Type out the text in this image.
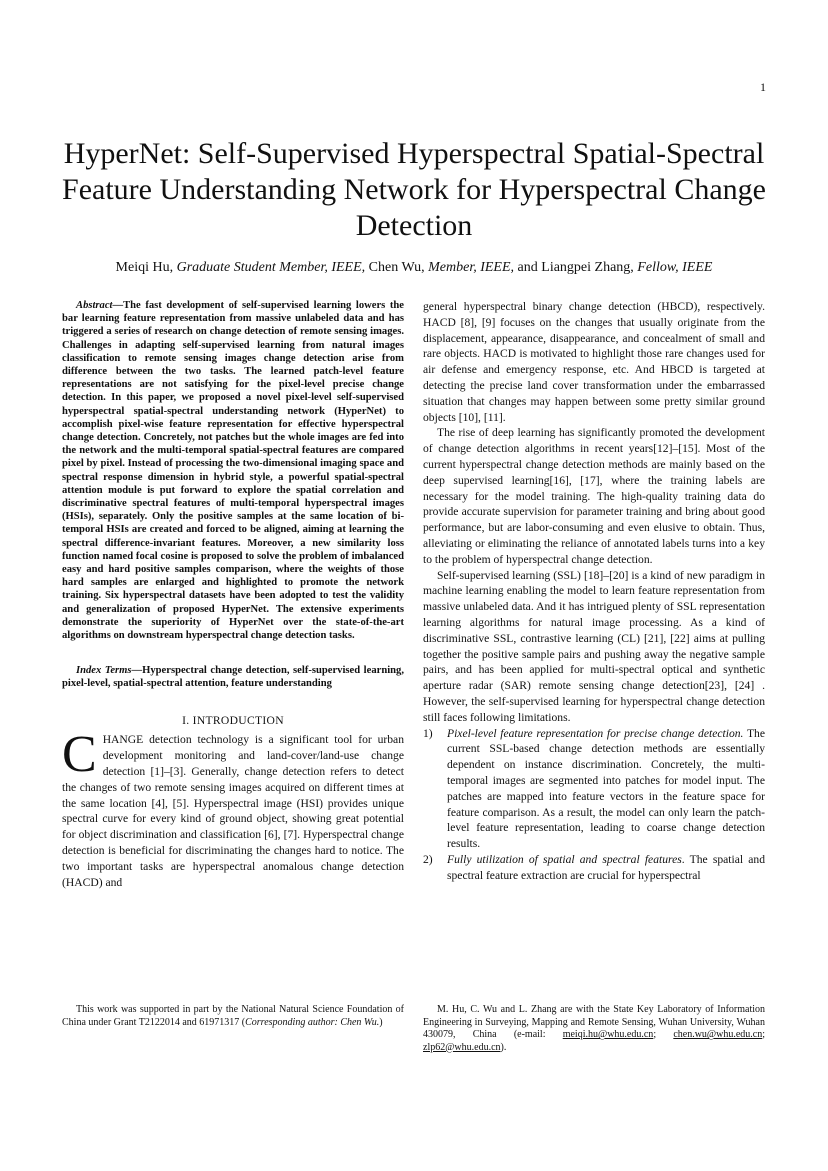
1
HyperNet: Self-Supervised Hyperspectral Spatial-Spectral Feature Understanding Network for Hyperspectral Change Detection
Meiqi Hu, Graduate Student Member, IEEE, Chen Wu, Member, IEEE, and Liangpei Zhang, Fellow, IEEE

Abstract—The fast development of self-supervised learning lowers the bar learning feature representation from massive unlabeled data and has triggered a series of research on change detection of remote sensing images. Challenges in adapting self-supervised learning from natural images classification to remote sensing images change detection arise from difference between the two tasks. The learned patch-level feature representations are not satisfying for the pixel-level precise change detection. In this paper, we proposed a novel pixel-level self-supervised hyperspectral spatial-spectral understanding network (HyperNet) to accomplish pixel-wise feature representation for effective hyperspectral change detection. Concretely, not patches but the whole images are fed into the network and the multi-temporal spatial-spectral features are compared pixel by pixel. Instead of processing the two-dimensional imaging space and spectral response dimension in hybrid style, a powerful spatial-spectral attention module is put forward to explore the spatial correlation and discriminative spectral features of multi-temporal hyperspectral images (HSIs), separately. Only the positive samples at the same location of bi-temporal HSIs are created and forced to be aligned, aiming at learning the spectral difference-invariant features. Moreover, a new similarity loss function named focal cosine is proposed to solve the problem of imbalanced easy and hard positive samples comparison, where the weights of those hard samples are enlarged and highlighted to promote the network training. Six hyperspectral datasets have been adopted to test the validity and generalization of proposed HyperNet. The extensive experiments demonstrate the superiority of HyperNet over the state-of-the-art algorithms on downstream hyperspectral change detection tasks.

Index Terms—Hyperspectral change detection, self-supervised learning, pixel-level, spatial-spectral attention, feature understanding

I. INTRODUCTION

CHANGE detection technology is a significant tool for urban development monitoring and land-cover/land-use change detection [1]–[3]. Generally, change detection refers to detect the changes of two remote sensing images acquired on different times at the same location [4], [5]. Hyperspectral image (HSI) provides unique spectral curve for every kind of ground object, showing great potential for object discrimination and classification [6], [7]. Hyperspectral change detection is beneficial for discriminating the changes hard to notice. The two important tasks are hyperspectral anomalous change detection (HACD) and

general hyperspectral binary change detection (HBCD), respectively. HACD [8], [9] focuses on the changes that usually originate from the displacement, appearance, disappearance, and concealment of small and rare objects. HACD is motivated to highlight those rare changes used for air defense and emergency response, etc. And HBCD is targeted at detecting the precise land cover transformation under the embarrassed situation that changes may happen between some pretty similar ground objects [10], [11].

The rise of deep learning has significantly promoted the development of change detection algorithms in recent years[12]–[15]. Most of the current hyperspectral change detection methods are mainly based on the deep supervised learning[16], [17], where the training labels are necessary for the model training. The high-quality training data do provide accurate supervision for parameter training and bring about good performance, but are labor-consuming and even elusive to obtain. Thus, alleviating or eliminating the reliance of annotated labels turns into a key to the problem of hyperspectral change detection.

Self-supervised learning (SSL) [18]–[20] is a kind of new paradigm in machine learning enabling the model to learn feature representation from massive unlabeled data. And it has intrigued plenty of SSL representation learning algorithms for natural image processing. As a kind of discriminative SSL, contrastive learning (CL) [21], [22] aims at pulling together the positive sample pairs and pushing away the negative sample pairs, and has been applied for multi-spectral optical and synthetic aperture radar (SAR) remote sensing change detection[23], [24] . However, the self-supervised learning for hyperspectral change detection still faces following limitations.

1) Pixel-level feature representation for precise change detection. The current SSL-based change detection methods are essentially dependent on instance discrimination. Concretely, the multi-temporal images are segmented into patches for model input. The patches are mapped into feature vectors in the feature space for feature comparison. As a result, the model can only learn the patch-level feature representation, leading to coarse change detection results.

2) Fully utilization of spatial and spectral features. The spatial and spectral feature extraction are crucial for hyperspectral

This work was supported in part by the National Natural Science Foundation of China under Grant T2122014 and 61971317 (Corresponding author: Chen Wu.)
M. Hu, C. Wu and L. Zhang are with the State Key Laboratory of Information Engineering in Surveying, Mapping and Remote Sensing, Wuhan University, Wuhan 430079, China (e-mail: meiqi.hu@whu.edu.cn; chen.wu@whu.edu.cn; zlp62@whu.edu.cn).
